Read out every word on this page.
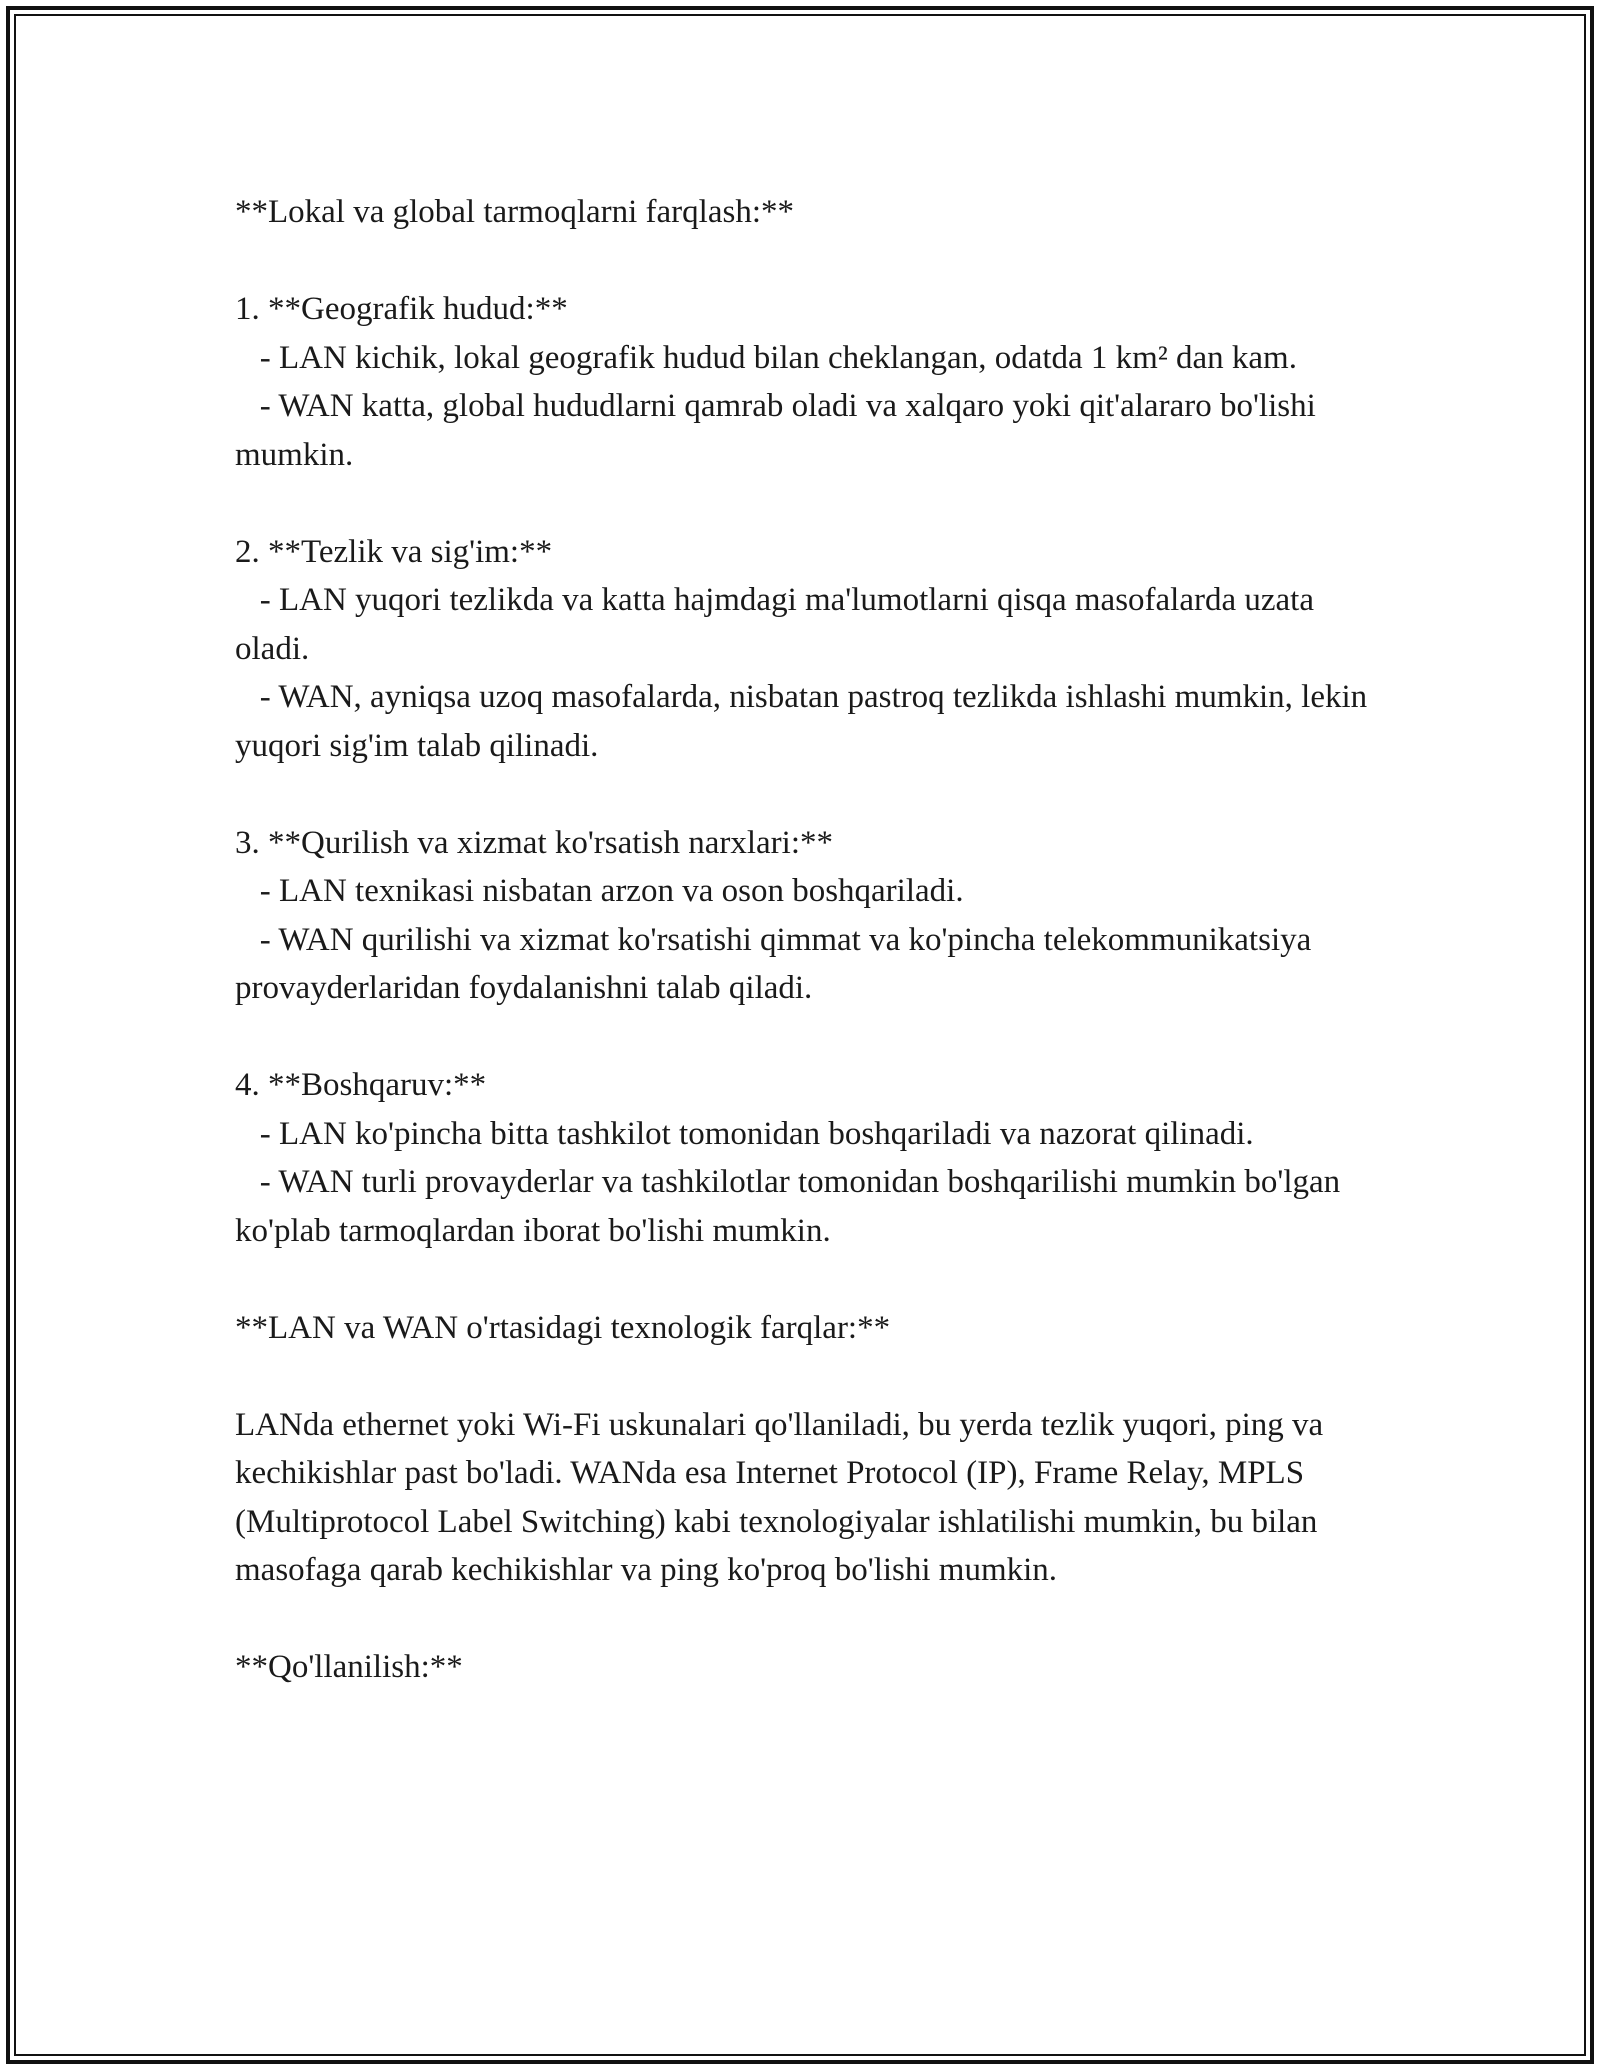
**Lokal va global tarmoqlarni farqlash:**
1. **Geografik hudud:**
- LAN kichik, lokal geografik hudud bilan cheklangan, odatda 1 km² dan kam.
- WAN katta, global hududlarni qamrab oladi va xalqaro yoki qit'alararo bo'lishi mumkin.
2. **Tezlik va sig'im:**
- LAN yuqori tezlikda va katta hajmdagi ma'lumotlarni qisqa masofalarda uzata oladi.
- WAN, ayniqsa uzoq masofalarda, nisbatan pastroq tezlikda ishlashi mumkin, lekin yuqori sig'im talab qilinadi.
3. **Qurilish va xizmat ko'rsatish narxlari:**
- LAN texnikasi nisbatan arzon va oson boshqariladi.
- WAN qurilishi va xizmat ko'rsatishi qimmat va ko'pincha telekommunikatsiya provayderlaridan foydalanishni talab qiladi.
4. **Boshqaruv:**
- LAN ko'pincha bitta tashkilot tomonidan boshqariladi va nazorat qilinadi.
- WAN turli provayderlar va tashkilotlar tomonidan boshqarilishi mumkin bo'lgan ko'plab tarmoqlardan iborat bo'lishi mumkin.
**LAN va WAN o'rtasidagi texnologik farqlar:**
LANda ethernet yoki Wi-Fi uskunalari qo'llaniladi, bu yerda tezlik yuqori, ping va kechikishlar past bo'ladi. WANda esa Internet Protocol (IP), Frame Relay, MPLS (Multiprotocol Label Switching) kabi texnologiyalar ishlatilishi mumkin, bu bilan masofaga qarab kechikishlar va ping ko'proq bo'lishi mumkin.
**Qo'llanilish:**
